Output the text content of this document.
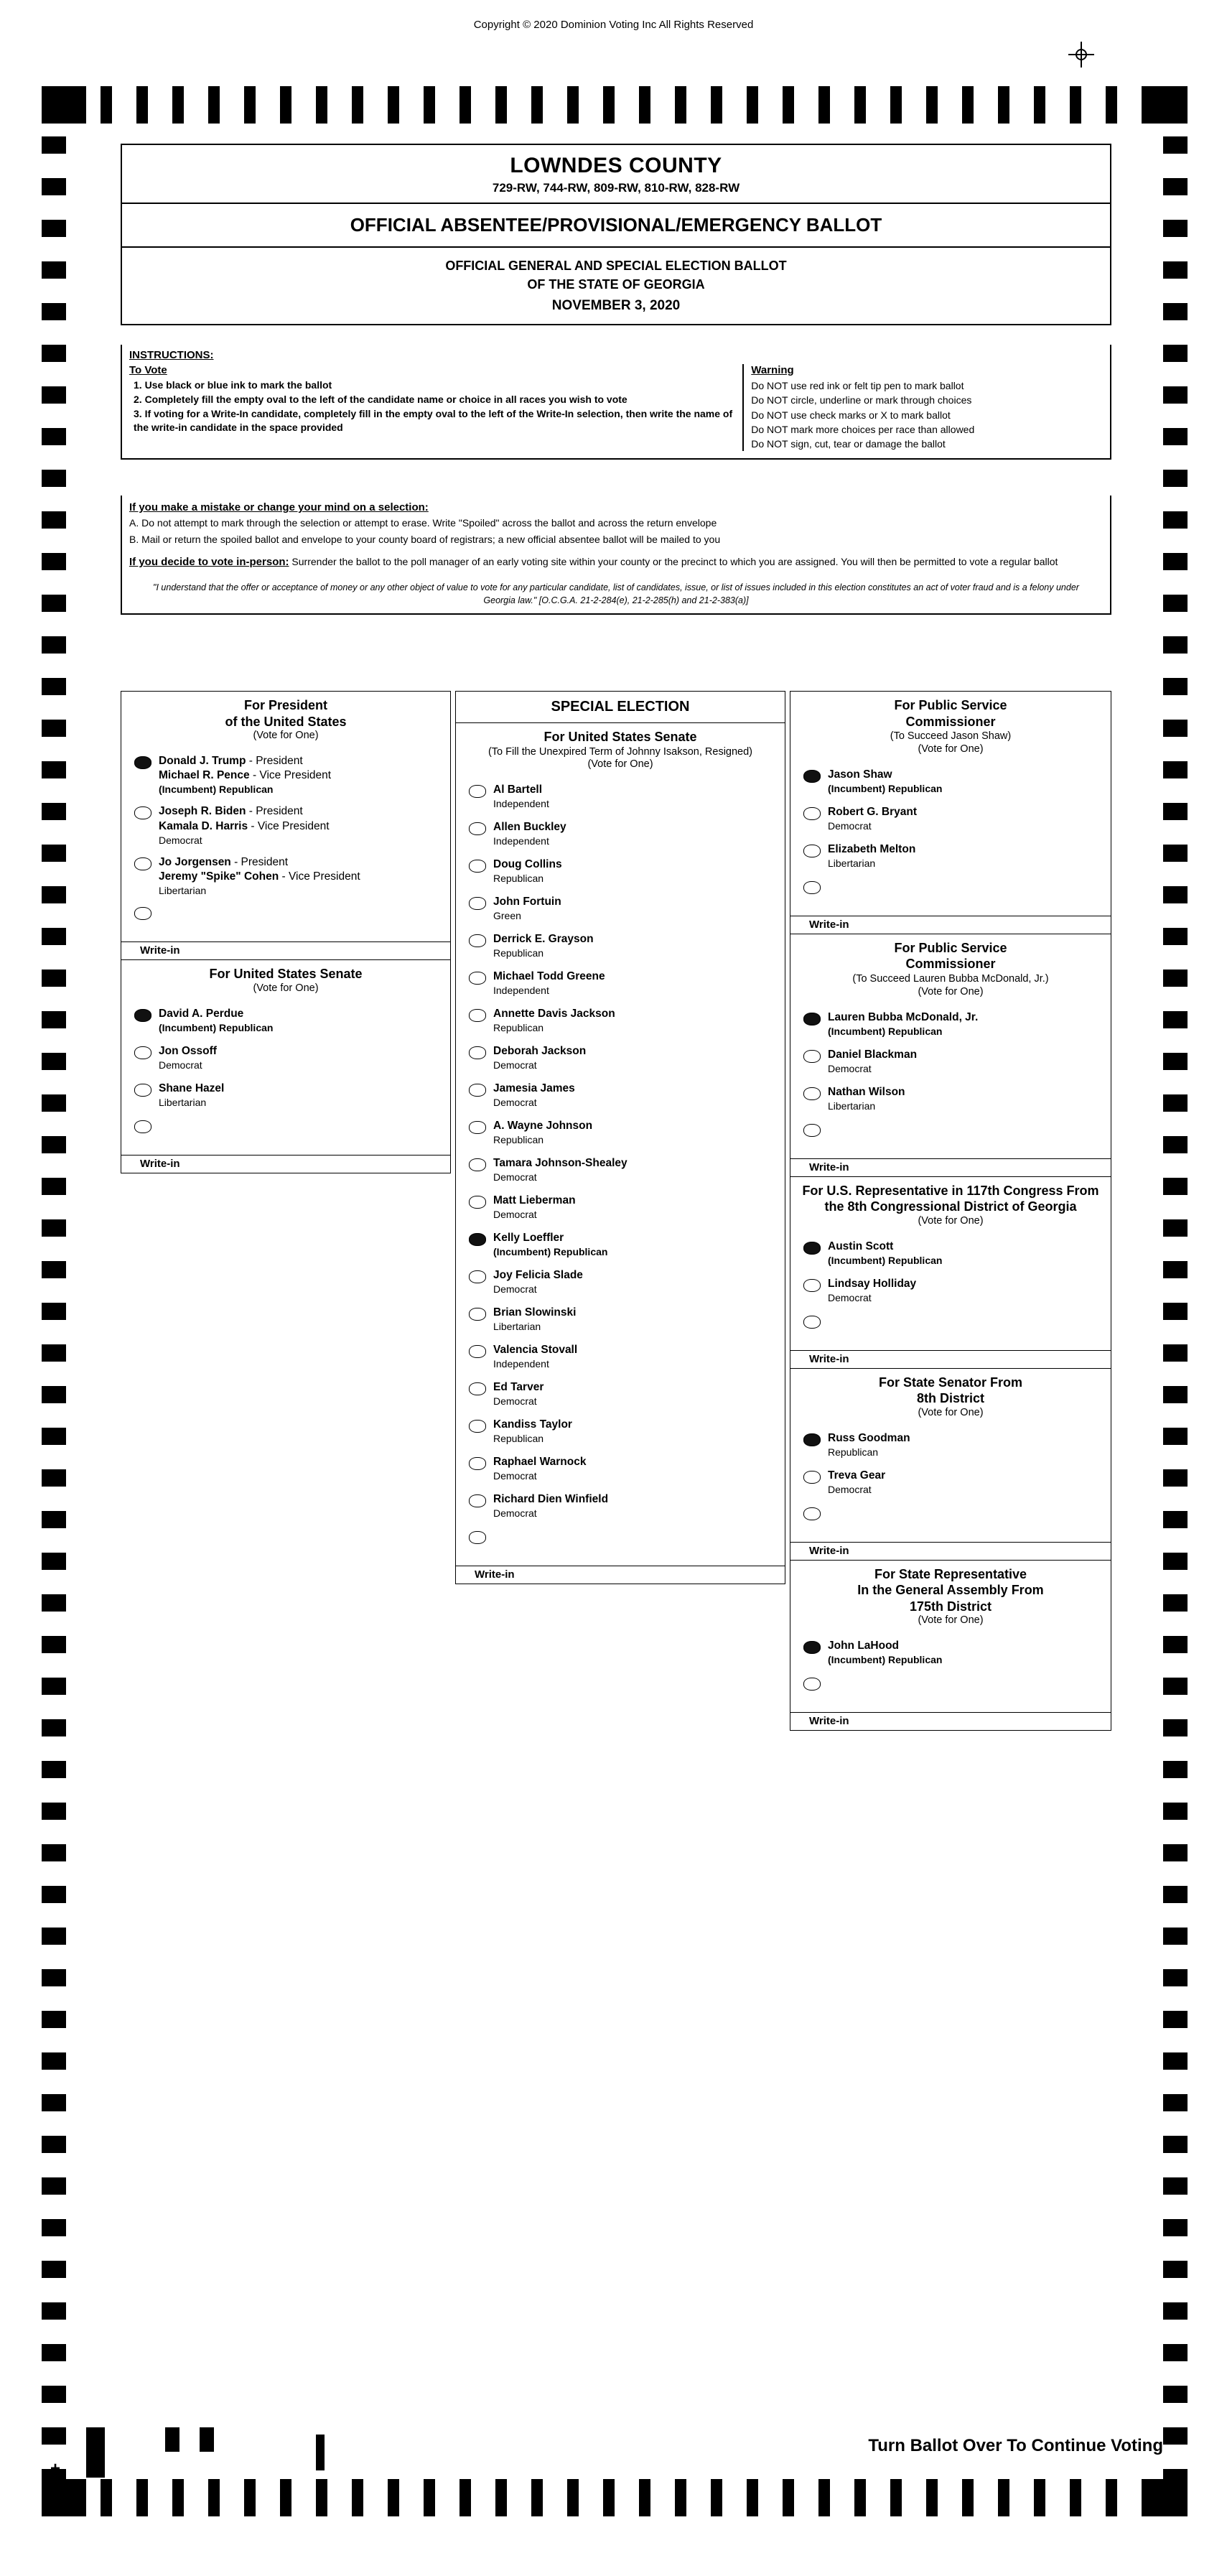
Copyright © 2020 Dominion Voting Inc All Rights Reserved
LOWNDES COUNTY
729-RW, 744-RW, 809-RW, 810-RW, 828-RW
OFFICIAL ABSENTEE/PROVISIONAL/EMERGENCY BALLOT
OFFICIAL GENERAL AND SPECIAL ELECTION BALLOT
OF THE STATE OF GEORGIA
NOVEMBER 3, 2020
INSTRUCTIONS:
To Vote
1. Use black or blue ink to mark the ballot
2. Completely fill the empty oval to the left of the candidate name or choice in all races you wish to vote
3. If voting for a Write-In candidate, completely fill in the empty oval to the left of the Write-In selection, then write the name of the write-in candidate in the space provided
Warning
Do NOT use red ink or felt tip pen to mark ballot
Do NOT circle, underline or mark through choices
Do NOT use check marks or X to mark ballot
Do NOT mark more choices per race than allowed
Do NOT sign, cut, tear or damage the ballot
If you make a mistake or change your mind on a selection:
A. Do not attempt to mark through the selection or attempt to erase. Write "Spoiled" across the ballot and across the return envelope
B. Mail or return the spoiled ballot and envelope to your county board of registrars; a new official absentee ballot will be mailed to you
If you decide to vote in-person: Surrender the ballot to the poll manager of an early voting site within your county or the precinct to which you are assigned. You will then be permitted to vote a regular ballot
"I understand that the offer or acceptance of money or any other object of value to vote for any particular candidate, list of candidates, issue, or list of issues included in this election constitutes an act of voter fraud and is a felony under Georgia law." [O.C.G.A. 21-2-284(e), 21-2-285(h) and 21-2-383(a)]
For President
of the United States
(Vote for One)
Donald J. Trump - President
Michael R. Pence - Vice President
(Incumbent) Republican
Joseph R. Biden - President
Kamala D. Harris - Vice President
Democrat
Jo Jorgensen - President
Jeremy "Spike" Cohen - Vice President
Libertarian
Write-in
For United States Senate
(Vote for One)
David A. Perdue
(Incumbent) Republican
Jon Ossoff
Democrat
Shane Hazel
Libertarian
Write-in
SPECIAL ELECTION
For United States Senate
(To Fill the Unexpired Term of Johnny Isakson, Resigned)
(Vote for One)
Al Bartell
Independent
Allen Buckley
Independent
Doug Collins
Republican
John Fortuin
Green
Derrick E. Grayson
Republican
Michael Todd Greene
Independent
Annette Davis Jackson
Republican
Deborah Jackson
Democrat
Jamesia James
Democrat
A. Wayne Johnson
Republican
Tamara Johnson-Shealey
Democrat
Matt Lieberman
Democrat
Kelly Loeffler
(Incumbent) Republican
Joy Felicia Slade
Democrat
Brian Slowinski
Libertarian
Valencia Stovall
Independent
Ed Tarver
Democrat
Kandiss Taylor
Republican
Raphael Warnock
Democrat
Richard Dien Winfield
Democrat
Write-in
For Public Service
Commissioner
(To Succeed Jason Shaw)
(Vote for One)
Jason Shaw
(Incumbent) Republican
Robert G. Bryant
Democrat
Elizabeth Melton
Libertarian
Write-in
For Public Service
Commissioner
(To Succeed Lauren Bubba McDonald, Jr.)
(Vote for One)
Lauren Bubba McDonald, Jr.
(Incumbent) Republican
Daniel Blackman
Democrat
Nathan Wilson
Libertarian
Write-in
For U.S. Representative in 117th Congress From the 8th Congressional District of Georgia
(Vote for One)
Austin Scott
(Incumbent) Republican
Lindsay Holliday
Democrat
Write-in
For State Senator From
8th District
(Vote for One)
Russ Goodman
Republican
Treva Gear
Democrat
Write-in
For State Representative
In the General Assembly From
175th District
(Vote for One)
John LaHood
(Incumbent) Republican
Write-in
+
Turn Ballot Over To Continue Voting
